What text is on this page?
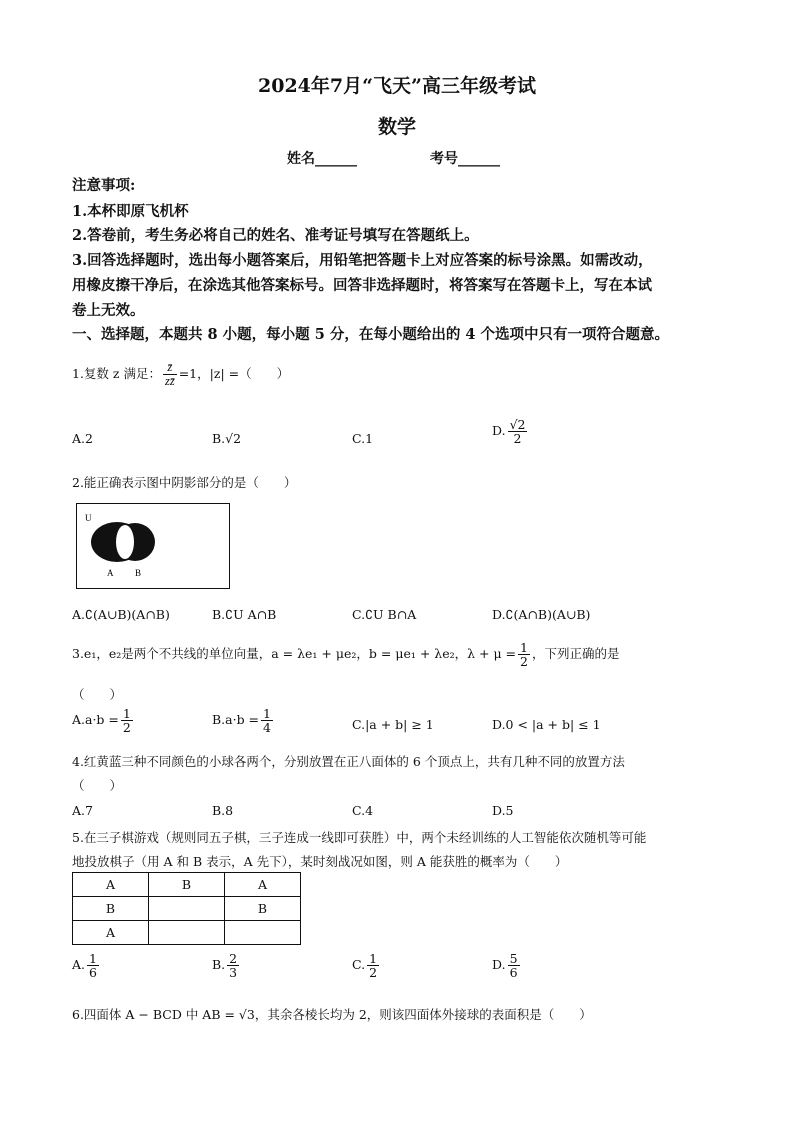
2024年7月“飞天”高三年级考试
数学
姓名______	考号______
注意事项:
1.本杯即原飞机杯
2.答卷前，考生务必将自己的姓名、准考证号填写在答题纸上。
3.回答选择题时，选出每小题答案后，用铅笔把答题卡上对应答案的标号涂黑。如需改动，
用橡皮擦干净后，在涂选其他答案标号。回答非选择题时，将答案写在答题卡上，写在本试
卷上无效。
一、选择题，本题共 8 小题，每小题 5 分，在每小题给出的 4 个选项中只有一项符合题意。
1.复数 z 满足： $\frac{z̄}{zz̄} =1$，|z| =（　　）
A.2	B.√2	C.1
D. $\frac{√2}{2}$
2.能正确表示图中阴影部分的是（　　）
U
A B
A.∁(A∪B)(A∩B)	B.∁U A∩B	C.∁U B∩A	D.∁(A∩B)(A∪B)
3.e₁，e₂是两个不共线的单位向量，a = λe₁ + μe₂，b = μe₁ + λe₂，$\lambda + \mu = \frac{1}{2}$ ，下列正确的是
（　　）
$A.a\cdot b = \frac{1}{2}$	$B.a\cdot b = \frac{1}{4}$	C.|a + b| ≥ 1	D.0 < |a + b| ≤ 1
4.红黄蓝三种不同颜色的小球各两个，分别放置在正八面体的 6 个顶点上，共有几种不同的放置方法
（　　）
A.7	B.8	C.4	D.5
5.在三子棋游戏（规则同五子棋，三子连成一线即可获胜）中，两个未经训练的人工智能依次随机等可能
地投放棋子（用 A 和 B 表示，A 先下），某时刻战况如图，则 A 能获胜的概率为（　　）
A	B	A
B		B
A		
A. $\frac{1}{6}$	B. $\frac{2}{3}$	C. $\frac{1}{2}$	D. $\frac{5}{6}$
6.四面体 A − BCD 中 AB = √3，其余各棱长均为 2，则该四面体外接球的表面积是（　　）
